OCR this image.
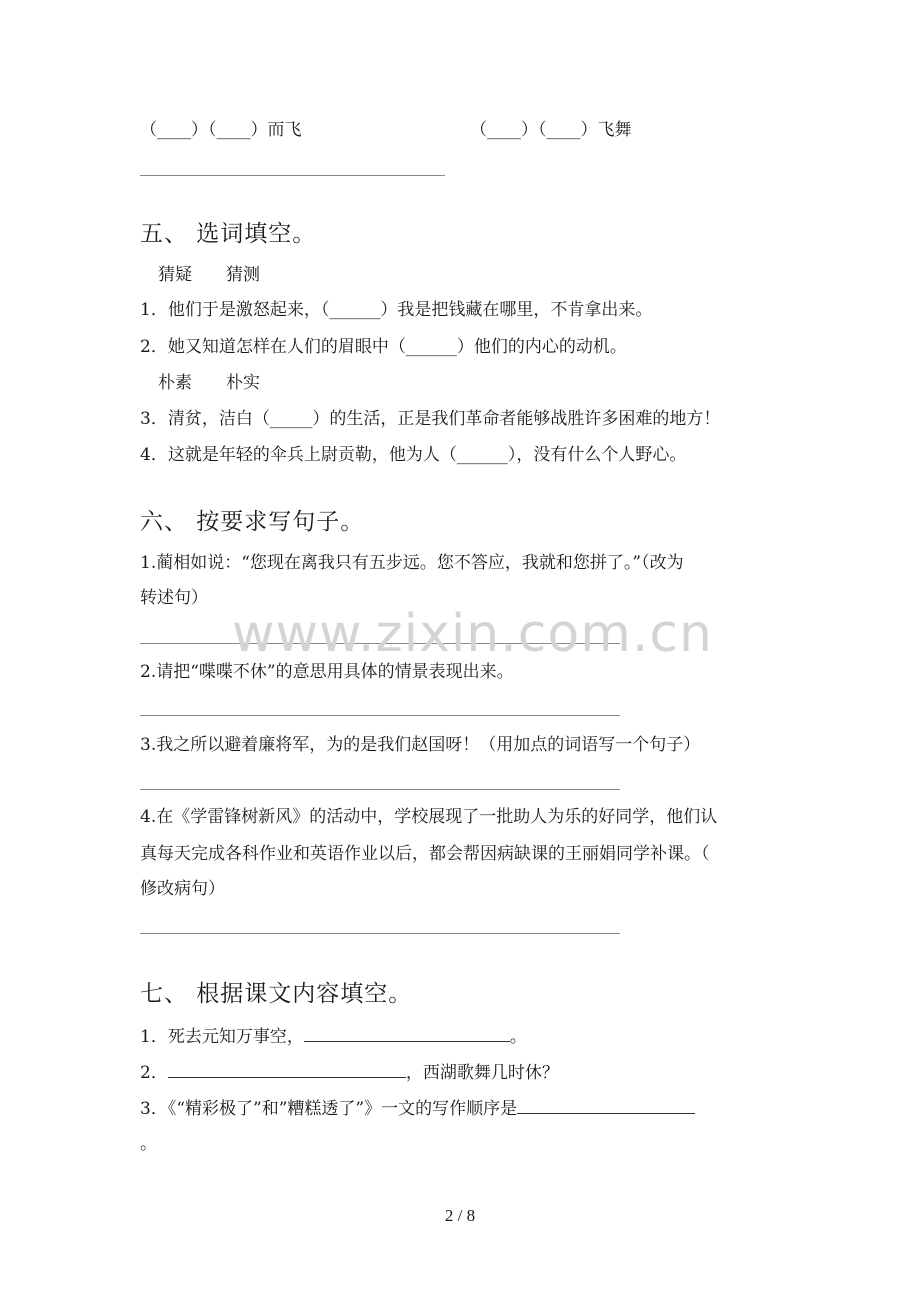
（____）（____）而飞	（____）（____）飞舞
五、 选词填空。
猜疑　　猜测
1．他们于是激怒起来，（______）我是把钱藏在哪里，不肯拿出来。
2．她又知道怎样在人们的眉眼中（______）他们的内心的动机。
朴素　　朴实
3．清贫，洁白（_____）的生活，正是我们革命者能够战胜许多困难的地方！
4．这就是年轻的伞兵上尉贡勒，他为人（______），没有什么个人野心。
六、 按要求写句子。
1.蔺相如说：“您现在离我只有五步远。您不答应，我就和您拼了。”（改为
转述句）
2.请把“喋喋不休”的意思用具体的情景表现出来。
3.我之所以避着廉将军，为的是我们赵国呀！（用加点的词语写一个句子）
4.在《学雷锋树新风》的活动中，学校展现了一批助人为乐的好同学，他们认
真每天完成各科作业和英语作业以后，都会帮因病缺课的王丽娟同学补课。（
修改病句）
七、 根据课文内容填空。
1．死去元知万事空，	。
2．	，西湖歌舞几时休？
3．《“精彩极了”和”糟糕透了”》一文的写作顺序是
。
www.zixin.com.cn
2 / 8
